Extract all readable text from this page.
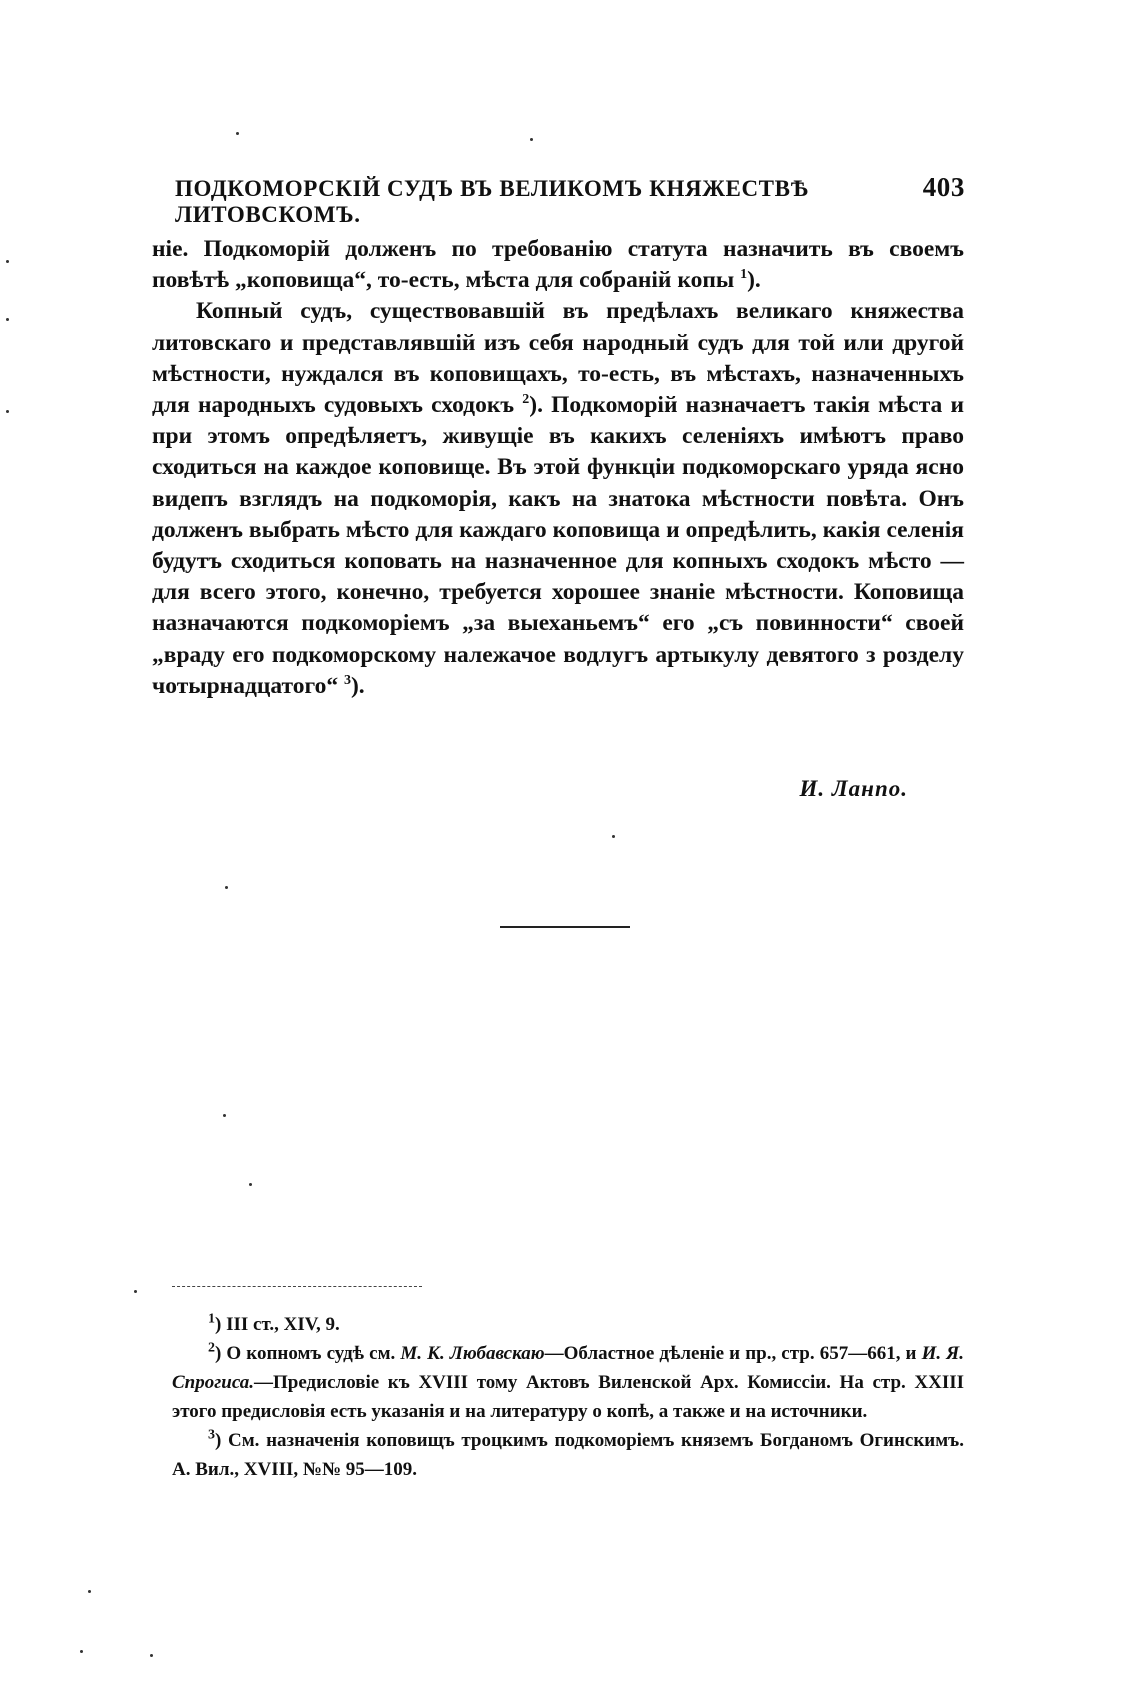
ПОДКОМОРСКІЙ СУДЪ ВЪ ВЕЛИКОМЪ КНЯЖЕСТВѢ ЛИТОВСКОМЪ.
403

ніе. Подкоморій долженъ по требованію статута назначить въ своемъ повѣтѣ „коповища“, то-есть, мѣста для собраній копы $^1$).

Копный судъ, существовавшій въ предѣлахъ великаго княжества литовскаго и представлявшій изъ себя народный судъ для той или другой мѣстности, нуждался въ коповищахъ, то-есть, въ мѣстахъ, назначенныхъ для народныхъ судовыхъ сходокъ $^2$). Подкоморій назначаетъ такія мѣста и при этомъ опредѣляетъ, живущіе въ какихъ селеніяхъ имѣютъ право сходиться на каждое коповище. Въ этой функціи подкоморскаго уряда ясно видепъ взглядъ на подкоморія, какъ на знатока мѣстности повѣта. Онъ долженъ выбрать мѣсто для каждаго коповища и опредѣлить, какія селенія будутъ сходиться коповать на назначенное для копныхъ сходокъ мѣсто — для всего этого, конечно, требуется хорошее знаніе мѣстности. Коповища назначаются подкоморіемъ „за выеханьемъ“ его „съ повинности“ своей „враду его подкоморскому належачое водлугъ артыкулу девятого з розделу чотырнадцатого“ $^3$).

И. Ланпо.

$^1$) III ст., XIV, 9.

$^2$) О копномъ судѣ см. М. К. Любавскаю—Областное дѣленіе и пр., стр. 657—661, и И. Я. Спрогиса.—Предисловіе къ XVIII тому Актовъ Виленской Арх. Комиссіи. На стр. XXIII этого предисловія есть указанія и на литературу о копѣ, а также и на источники.

$^3$) См. назначенія коповищъ троцкимъ подкоморіемъ княземъ Богданомъ Огинскимъ. А. Вил., XVIII, №№ 95—109.
